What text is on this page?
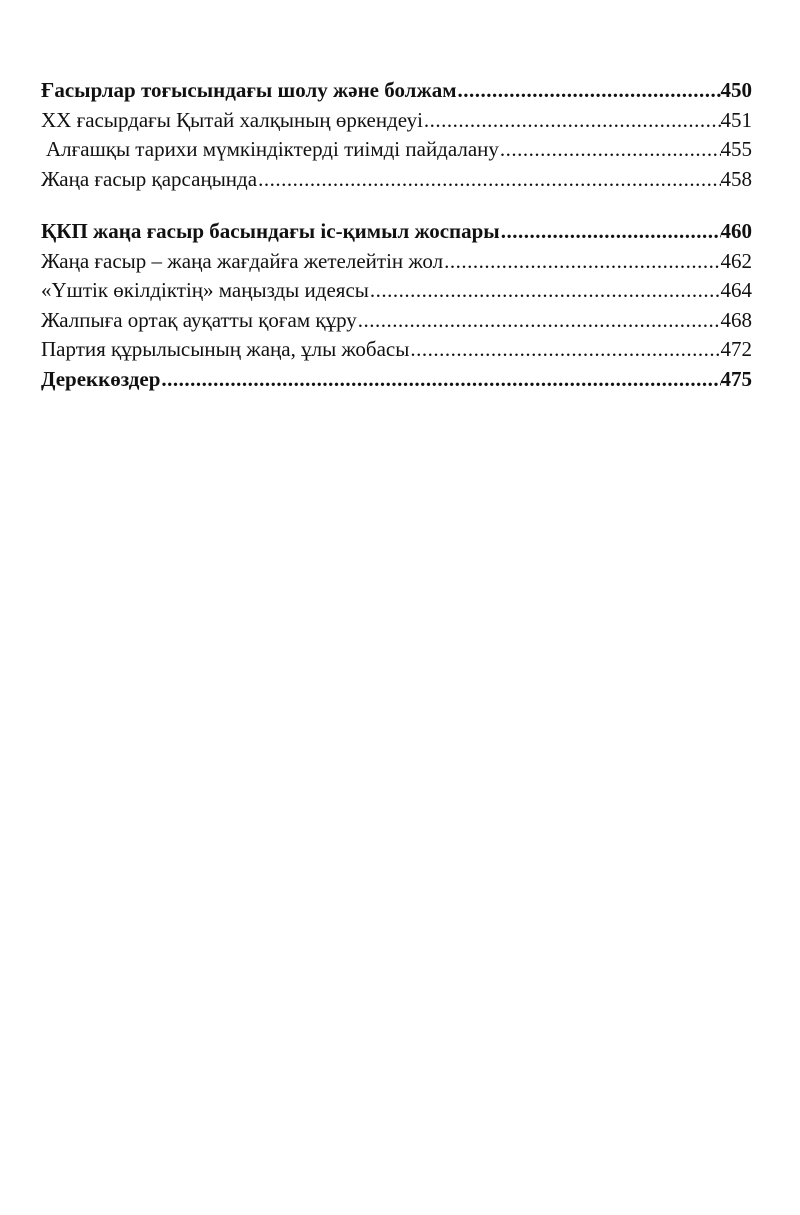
Ғасырлар тоғысындағы шолу және болжам .....	450
ХХ ғасырдағы Қытай халқының өркендеуі .....	451
Алғашқы тарихи мүмкіндіктерді тиімді пайдалану .....	455
Жаңа ғасыр қарсаңында .....	458
ҚКП жаңа ғасыр басындағы іс-қимыл жоспары .....	460
Жаңа ғасыр – жаңа жағдайға жетелейтін жол .....	462
«Үштік өкілдіктің» маңызды идеясы .....	464
Жалпыға ортақ ауқатты қоғам құру .....	468
Партия құрылысының жаңа, ұлы жобасы .....	472
Дереккөздер .....	475
